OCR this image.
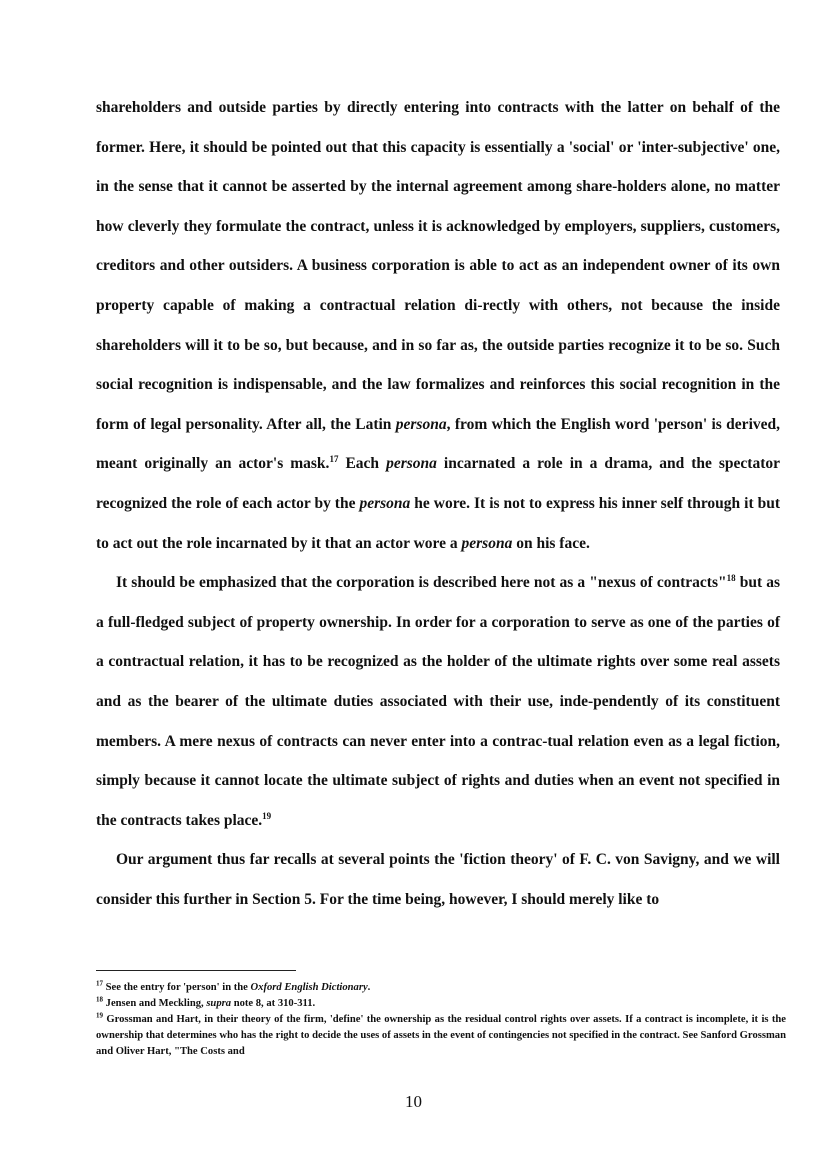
shareholders and outside parties by directly entering into contracts with the latter on behalf of the former. Here, it should be pointed out that this capacity is essentially a 'social' or 'inter-subjective' one, in the sense that it cannot be asserted by the internal agreement among share-holders alone, no matter how cleverly they formulate the contract, unless it is acknowledged by employers, suppliers, customers, creditors and other outsiders. A business corporation is able to act as an independent owner of its own property capable of making a contractual relation di-rectly with others, not because the inside shareholders will it to be so, but because, and in so far as, the outside parties recognize it to be so. Such social recognition is indispensable, and the law formalizes and reinforces this social recognition in the form of legal personality. After all, the Latin persona, from which the English word 'person' is derived, meant originally an actor's mask.$^{17}$ Each persona incarnated a role in a drama, and the spectator recognized the role of each actor by the persona he wore. It is not to express his inner self through it but to act out the role incarnated by it that an actor wore a persona on his face.

It should be emphasized that the corporation is described here not as a "nexus of contracts"$^{18}$ but as a full-fledged subject of property ownership. In order for a corporation to serve as one of the parties of a contractual relation, it has to be recognized as the holder of the ultimate rights over some real assets and as the bearer of the ultimate duties associated with their use, inde-pendently of its constituent members. A mere nexus of contracts can never enter into a contrac-tual relation even as a legal fiction, simply because it cannot locate the ultimate subject of rights and duties when an event not specified in the contracts takes place.$^{19}$

Our argument thus far recalls at several points the 'fiction theory' of F. C. von Savigny, and we will consider this further in Section 5. For the time being, however, I should merely like to

$^{17}$ See the entry for 'person' in the Oxford English Dictionary.

$^{18}$ Jensen and Meckling, supra note 8, at 310-311.

$^{19}$ Grossman and Hart, in their theory of the firm, 'define' the ownership as the residual control rights over assets. If a contract is incomplete, it is the ownership that determines who has the right to decide the uses of assets in the event of contingencies not specified in the contract. See Sanford Grossman and Oliver Hart, "The Costs and

10
